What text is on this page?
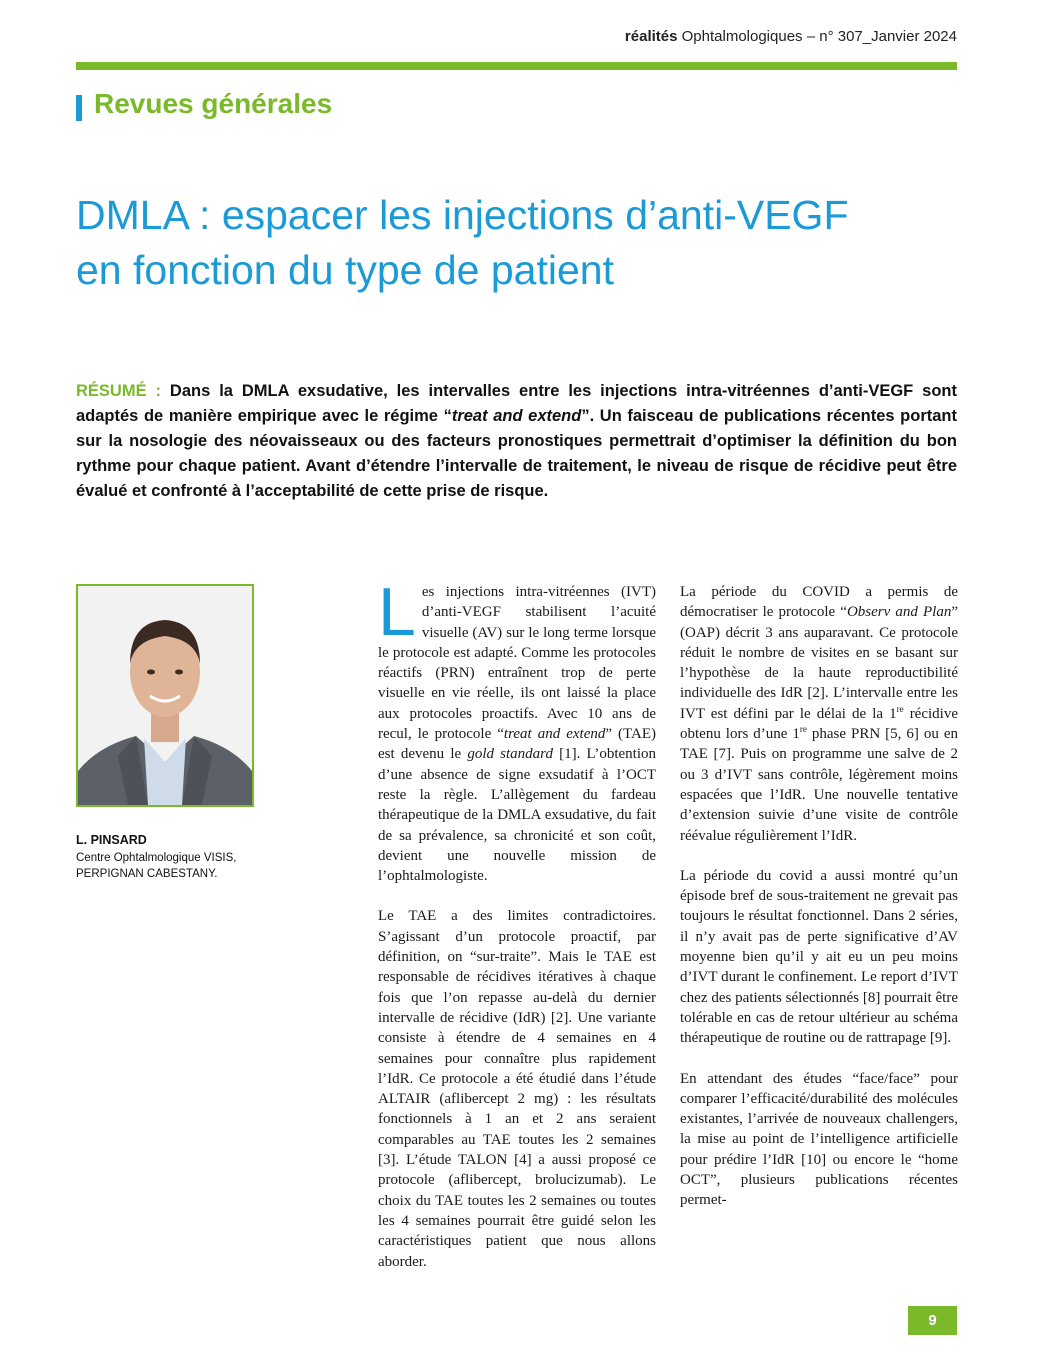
réalités Ophtalmologiques – n° 307_Janvier 2024
Revues générales
DMLA : espacer les injections d’anti-VEGF
en fonction du type de patient
RÉSUMÉ : Dans la DMLA exsudative, les intervalles entre les injections intra-vitréennes d’anti-VEGF sont adaptés de manière empirique avec le régime “treat and extend”. Un faisceau de publications récentes portant sur la nosologie des néovaisseaux ou des facteurs pronostiques permettrait d’optimiser la définition du bon rythme pour chaque patient. Avant d’étendre l’intervalle de traitement, le niveau de risque de récidive peut être évalué et confronté à l’acceptabilité de cette prise de risque.
L. PINSARD
Centre Ophtalmologique VISIS,
PERPIGNAN CABESTANY.

Les injections intra-vitréennes (IVT) d’anti-VEGF stabilisent l’acuité visuelle (AV) sur le long terme lorsque le protocole est adapté. Comme les protocoles réactifs (PRN) entraînent trop de perte visuelle en vie réelle, ils ont laissé la place aux protocoles proactifs. Avec 10 ans de recul, le protocole “treat and extend” (TAE) est devenu le gold standard [1]. L’obtention d’une absence de signe exsudatif à l’OCT reste la règle. L’allègement du fardeau thérapeutique de la DMLA exsudative, du fait de sa prévalence, sa chronicité et son coût, devient une nouvelle mission de l’ophtalmologiste.

Le TAE a des limites contradictoires. S’agissant d’un protocole proactif, par définition, on “sur-traite”. Mais le TAE est responsable de récidives itératives à chaque fois que l’on repasse au-delà du dernier intervalle de récidive (IdR) [2]. Une variante consiste à étendre de 4 semaines en 4 semaines pour connaître plus rapidement l’IdR. Ce protocole a été étudié dans l’étude ALTAIR (aflibercept 2 mg) : les résultats fonctionnels à 1 an et 2 ans seraient comparables au TAE toutes les 2 semaines [3]. L’étude TALON [4] a aussi proposé ce protocole (aflibercept, brolucizumab). Le choix du TAE toutes les 2 semaines ou toutes les 4 semaines pourrait être guidé selon les caractéristiques patient que nous allons aborder.

La période du COVID a permis de démocratiser le protocole “Observ and Plan” (OAP) décrit 3 ans auparavant. Ce protocole réduit le nombre de visites en se basant sur l’hypothèse de la haute reproductibilité individuelle des IdR [2]. L’intervalle entre les IVT est défini par le délai de la 1re récidive obtenu lors d’une 1re phase PRN [5, 6] ou en TAE [7]. Puis on programme une salve de 2 ou 3 d’IVT sans contrôle, légèrement moins espacées que l’IdR. Une nouvelle tentative d’extension suivie d’une visite de contrôle réévalue régulièrement l’IdR.

La période du covid a aussi montré qu’un épisode bref de sous-traitement ne grevait pas toujours le résultat fonctionnel. Dans 2 séries, il n’y avait pas de perte significative d’AV moyenne bien qu’il y ait eu un peu moins d’IVT durant le confinement. Le report d’IVT chez des patients sélectionnés [8] pourrait être tolérable en cas de retour ultérieur au schéma thérapeutique de routine ou de rattrapage [9].

En attendant des études “face/face” pour comparer l’efficacité/durabilité des molécules existantes, l’arrivée de nouveaux challengers, la mise au point de l’intelligence artificielle pour prédire l’IdR [10] ou encore le “home OCT”, plusieurs publications récentes permet-

9
